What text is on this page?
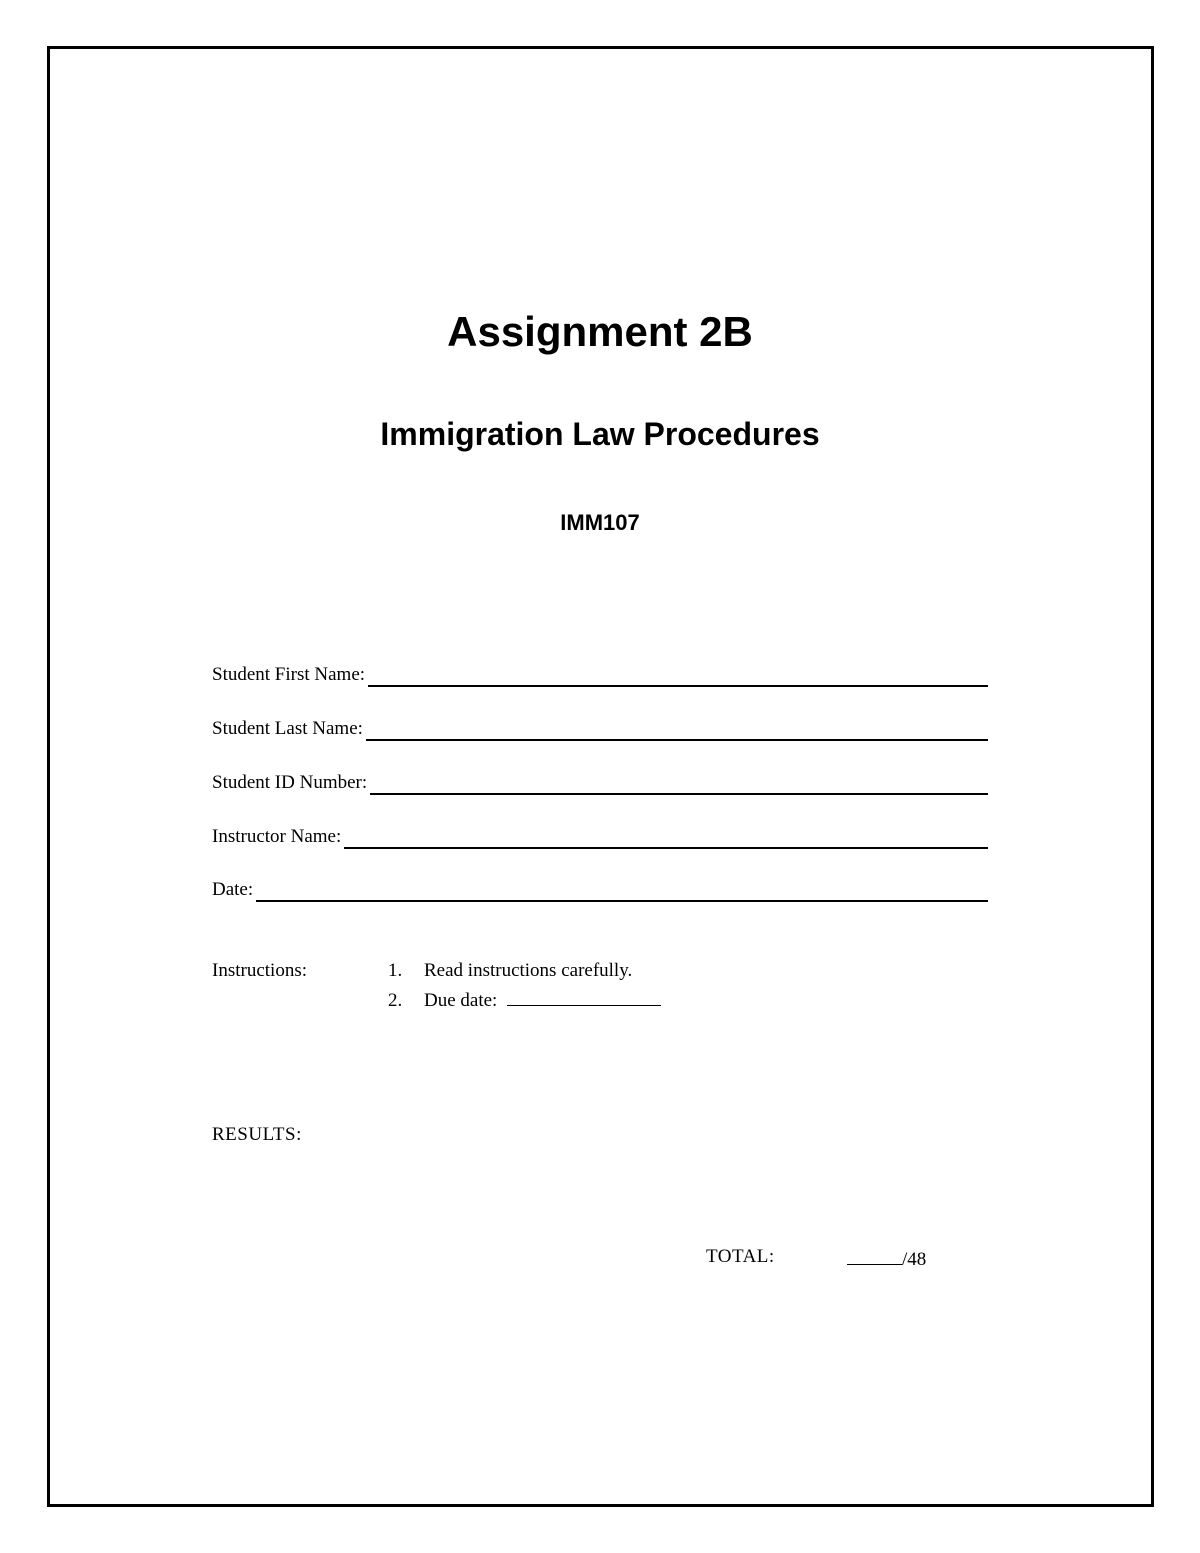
Assignment 2B
Immigration Law Procedures
IMM107
Student First Name:
Student Last Name:
Student ID Number:
Instructor Name:
Date:
Instructions:	1. Read instructions carefully.
2. Due date:
RESULTS:
TOTAL:	/48
